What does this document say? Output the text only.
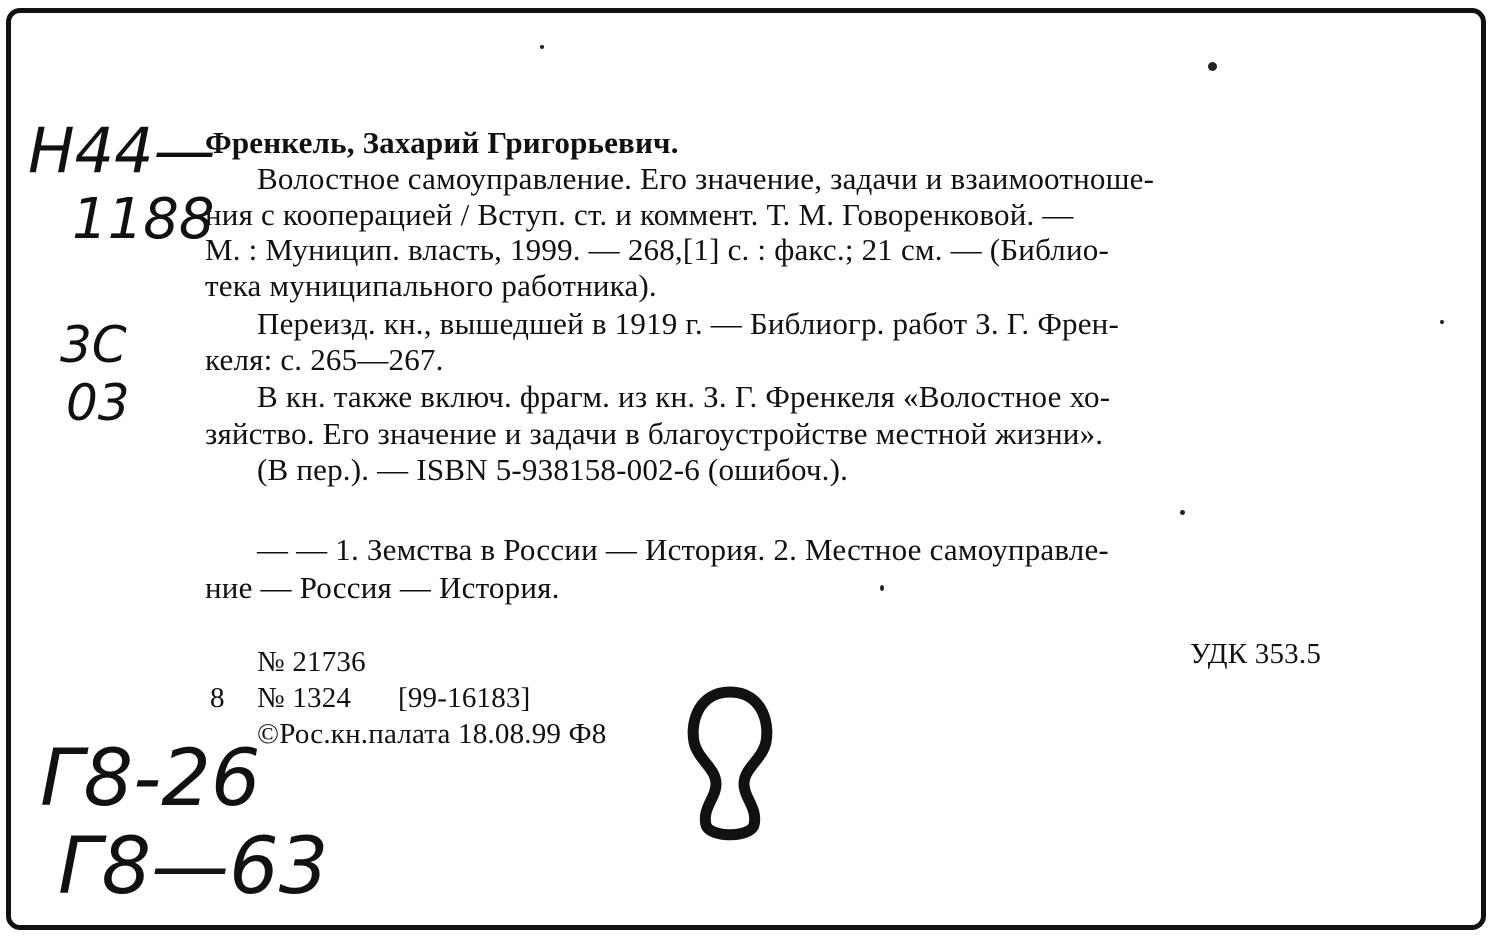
Френкель, Захарий Григорьевич.
Волостное самоуправление. Его значение, задачи и взаимоотноше-
ния с кооперацией / Вступ. ст. и коммент. Т. М. Говоренковой. —
М. : Муницип. власть, 1999. — 268,[1] с. : факс.; 21 см. — (Библио-
тека муниципального работника).
Переизд. кн., вышедшей в 1919 г. — Библиогр. работ З. Г. Френ-
келя: с. 265—267.
В кн. также включ. фрагм. из кн. З. Г. Френкеля «Волостное хо-
зяйство. Его значение и задачи в благоустройстве местной жизни».
(В пер.). — ISBN 5-938158-002-6 (ошибоч.).
— — 1. Земства в России — История. 2. Местное самоуправле-
ние — Россия — История.
№ 21736
8 № 1324 [99-16183]
©Рос.кн.палата 18.08.99 Ф8
УДК 353.5
Н44—
1188
3С
03
Г8-26
Г8—63
